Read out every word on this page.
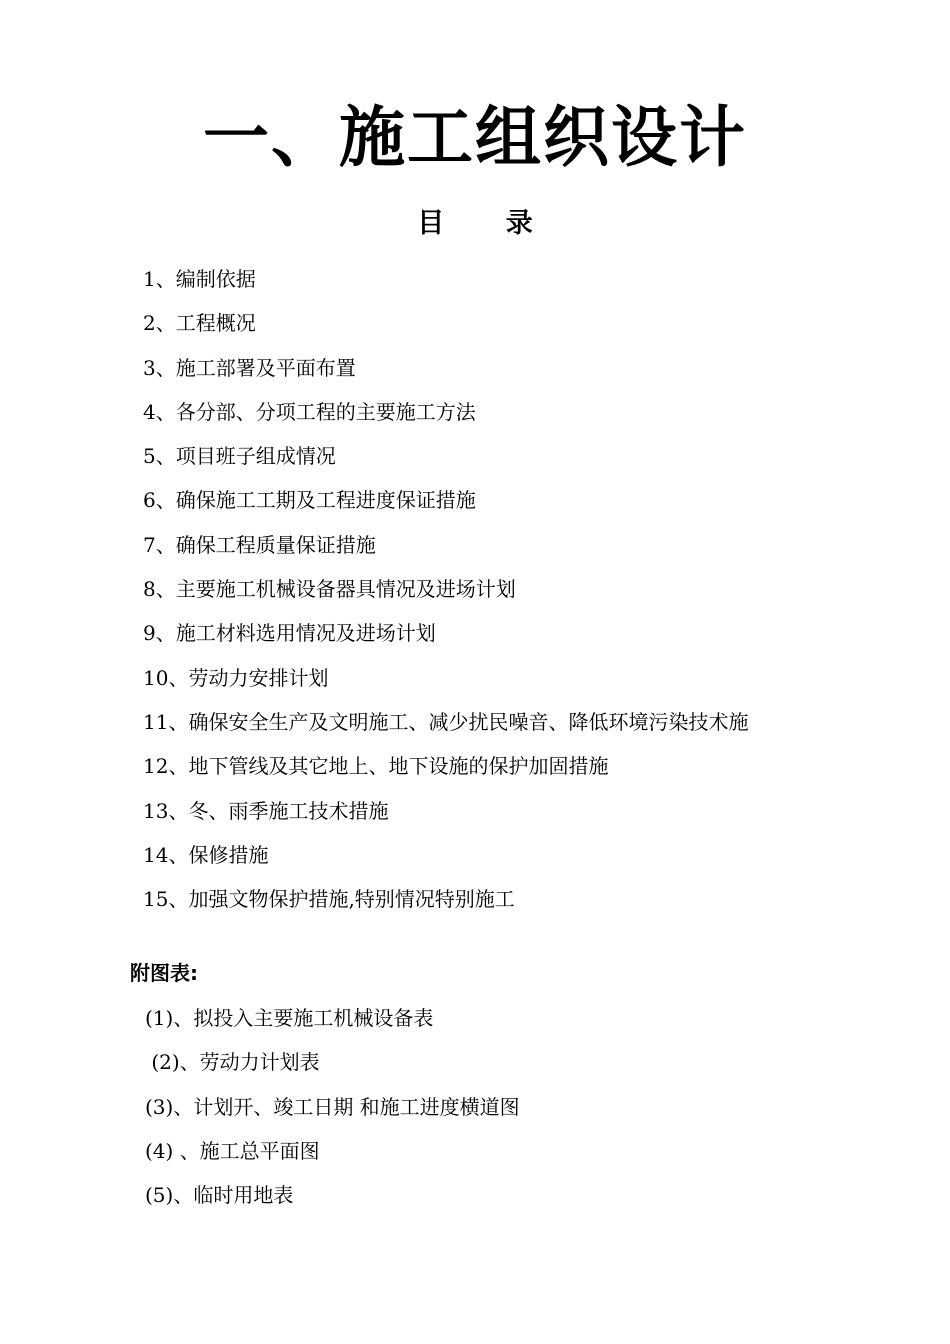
一、施工组织设计
目 录
1、编制依据
2、工程概况
3、施工部署及平面布置
4、各分部、分项工程的主要施工方法
5、项目班子组成情况
6、确保施工工期及工程进度保证措施
7、确保工程质量保证措施
8、主要施工机械设备器具情况及进场计划
9、施工材料选用情况及进场计划
10、劳动力安排计划
11、确保安全生产及文明施工、减少扰民噪音、降低环境污染技术施
12、地下管线及其它地上、地下设施的保护加固措施
13、冬、雨季施工技术措施
14、保修措施
15、加强文物保护措施,特别情况特别施工
附图表:
(1)、拟投入主要施工机械设备表
(2)、劳动力计划表
(3)、计划开、竣工日期 和施工进度横道图
(4) 、施工总平面图
(5)、临时用地表
